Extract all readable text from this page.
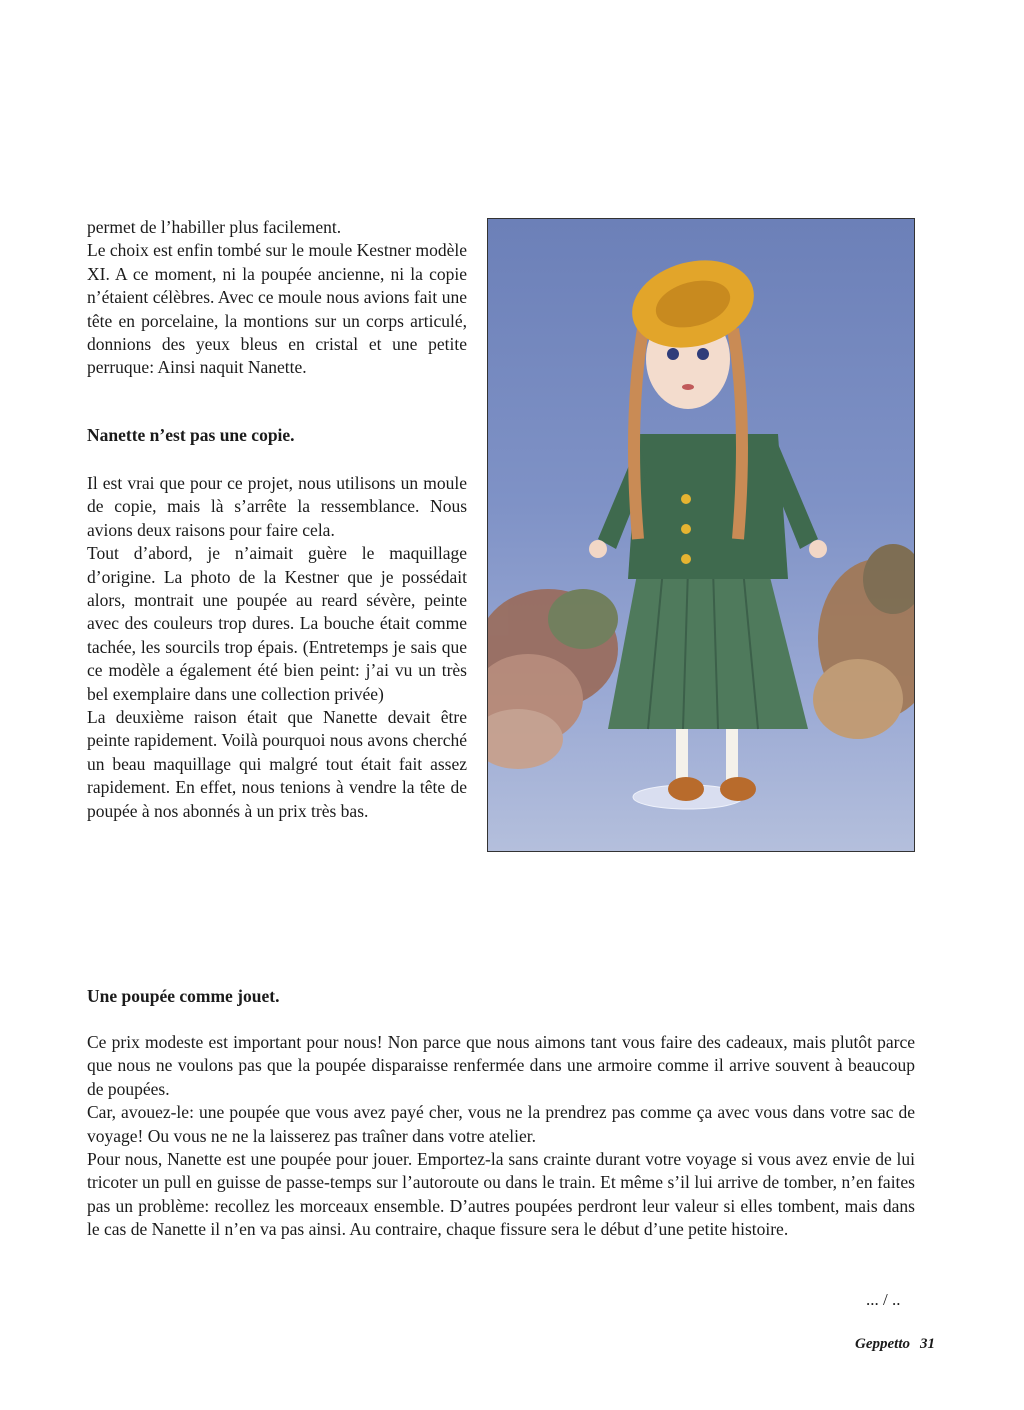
permet de l’habiller plus facilement.

Le choix est enfin tombé sur le moule Kestner modèle XI. A ce moment, ni la poupée ancienne, ni la copie n’étaient célèbres. Avec ce moule nous avions fait une tête en porcelaine, la montions sur un corps articulé, donnions des yeux bleus en cristal et une petite perruque: Ainsi naquit Nanette.

Nanette n’est pas une copie.

Il est vrai que pour ce projet, nous utilisons un moule de copie, mais là s’arrête la ressemblance. Nous avions deux raisons pour faire cela.

Tout d’abord, je n’aimait guère le maquillage d’origine. La photo de la Kestner que je possédait alors, montrait une poupée au reard sévère, peinte avec des couleurs trop dures. La bouche était comme tachée, les sourcils trop épais. (Entretemps je sais que ce modèle a également été bien peint: j’ai vu un très bel exemplaire dans une collection privée)

La deuxième raison était que Nanette devait être peinte rapidement. Voilà pourquoi nous avons cherché un beau maquillage qui malgré tout était fait assez rapidement. En effet, nous tenions à vendre la tête de poupée à nos abonnés à un prix très bas.

Une poupée comme jouet.

Ce prix modeste est important pour nous! Non parce que nous aimons tant vous faire des cadeaux, mais plutôt parce que nous ne voulons pas que la poupée disparaisse renfermée dans une armoire comme il arrive souvent à beaucoup de poupées.

Car, avouez-le: une poupée que vous avez payé cher, vous ne la prendrez pas comme ça avec vous dans votre sac de voyage! Ou vous ne ne la laisserez pas traîner dans votre atelier.

Pour nous, Nanette est une poupée pour jouer. Emportez-la sans crainte durant votre voyage si vous avez envie de lui tricoter un pull en guisse de passe-temps sur l’autoroute ou dans le train. Et même s’il lui arrive de tomber, n’en faites pas un problème: recollez les morceaux ensemble. D’autres poupées perdront leur valeur si elles tombent, mais dans le cas de Nanette il n’en va pas ainsi. Au contraire, chaque fissure sera le début d’une petite histoire.

... / ..
Geppetto 31
